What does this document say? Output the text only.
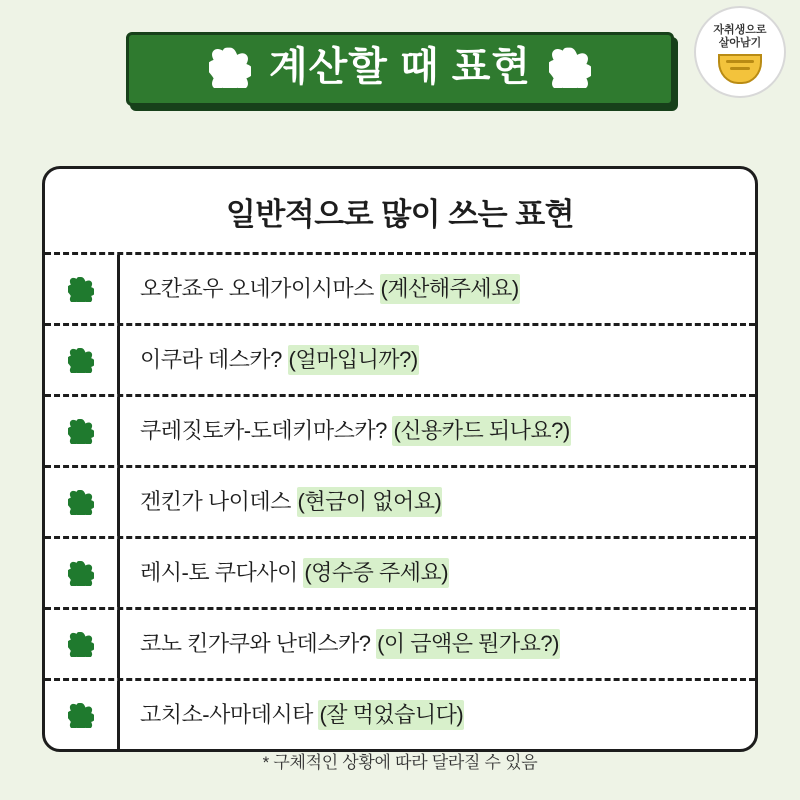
계산할 때 표현
자취생으로
살아남기
일반적으로 많이 쓰는 표현
오칸죠우 오네가이시마스
(계산해주세요)
이쿠라 데스카?
(얼마입니까?)
쿠레짓토카-도데키마스카?
(신용카드 되나요?)
겐킨가 나이데스
(현금이 없어요)
레시-토 쿠다사이
(영수증 주세요)
코노 킨가쿠와 난데스카?
(이 금액은 뭔가요?)
고치소-사마데시타
(잘 먹었습니다)
* 구체적인 상황에 따라 달라질 수 있음
